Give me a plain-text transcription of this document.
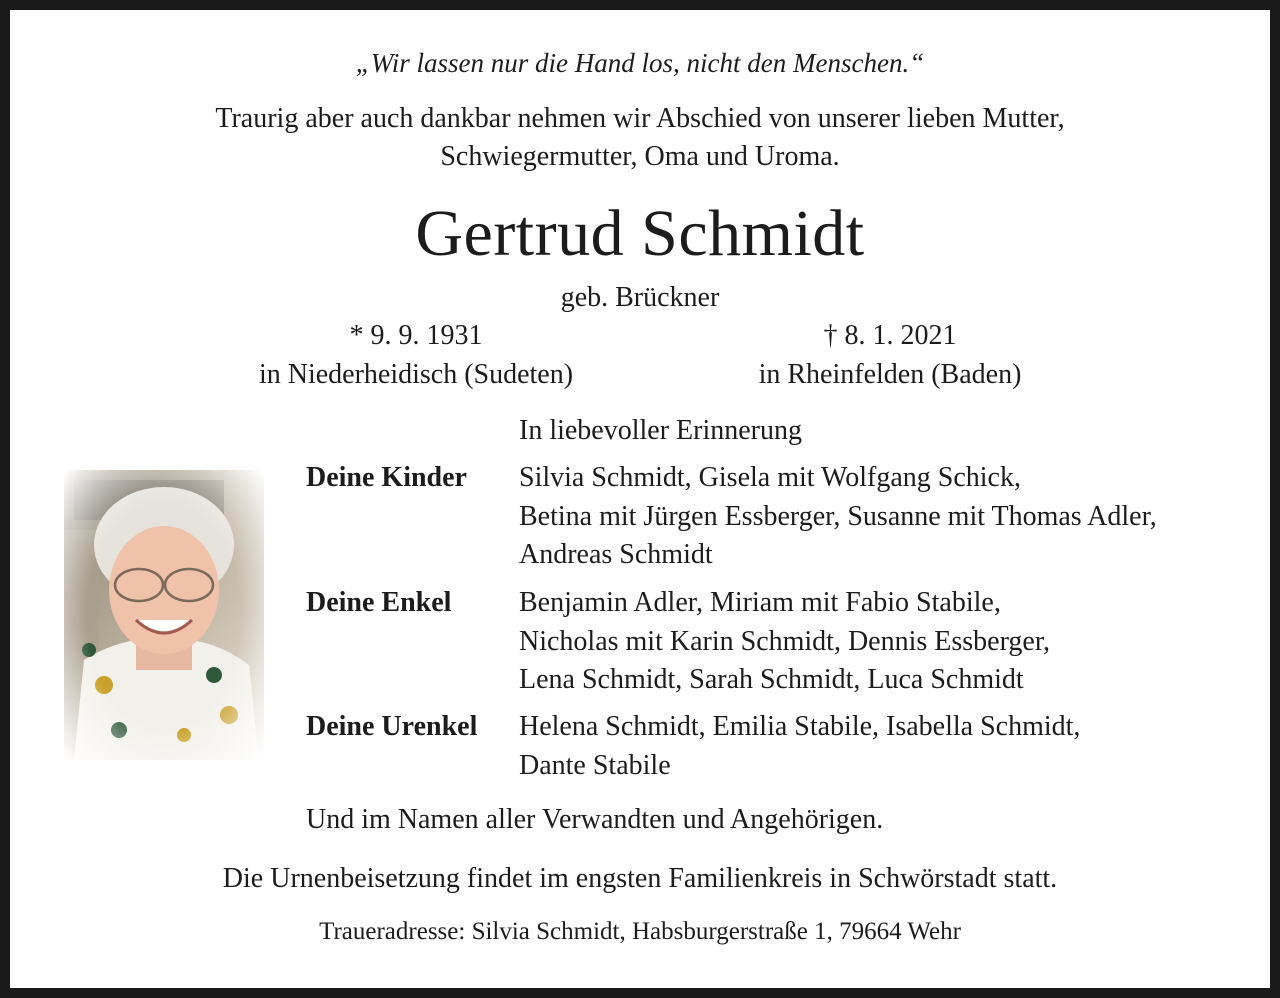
„Wir lassen nur die Hand los, nicht den Menschen.“
Traurig aber auch dankbar nehmen wir Abschied von unserer lieben Mutter,
Schwiegermutter, Oma und Uroma.
Gertrud Schmidt
geb. Brückner
* 9. 9. 1931
in Niederheidisch (Sudeten)
† 8. 1. 2021
in Rheinfelden (Baden)
In liebevoller Erinnerung
Deine Kinder Silvia Schmidt, Gisela mit Wolfgang Schick,
Betina mit Jürgen Essberger, Susanne mit Thomas Adler,
Andreas Schmidt
Deine Enkel Benjamin Adler, Miriam mit Fabio Stabile,
Nicholas mit Karin Schmidt, Dennis Essberger,
Lena Schmidt, Sarah Schmidt, Luca Schmidt
Deine Urenkel Helena Schmidt, Emilia Stabile, Isabella Schmidt,
Dante Stabile
Und im Namen aller Verwandten und Angehörigen.
Die Urnenbeisetzung findet im engsten Familienkreis in Schwörstadt statt.
Traueradresse: Silvia Schmidt, Habsburgerstraße 1, 79664 Wehr
